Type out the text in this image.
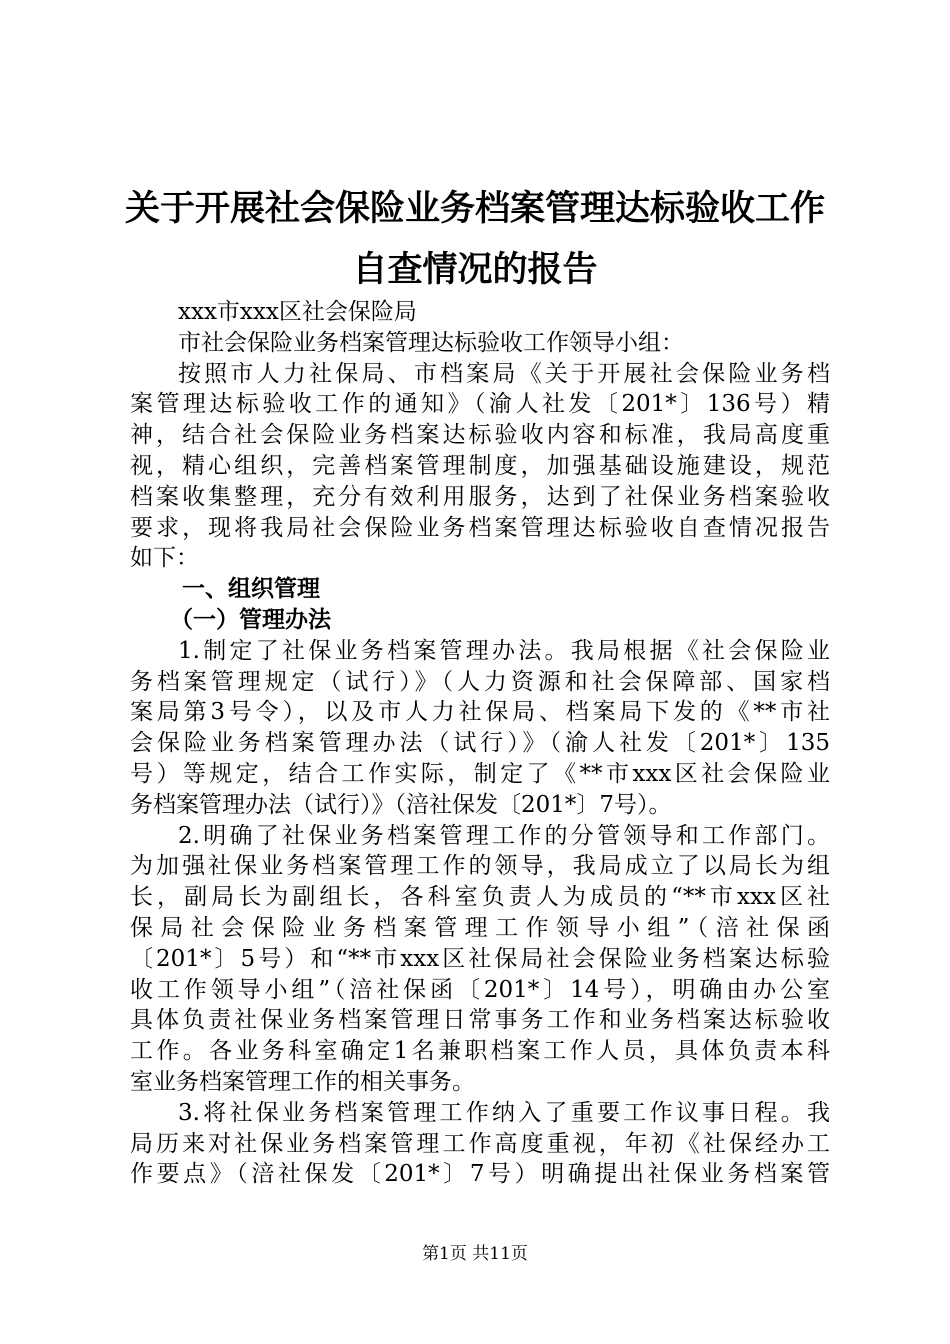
关于开展社会保险业务档案管理达标验收工作
自查情况的报告
xxx市xxx区社会保险局
市社会保险业务档案管理达标验收工作领导小组：
按照市人力社保局、市档案局《关于开展社会保险业务档
案管理达标验收工作的通知》（渝人社发〔201*〕136号）精
神，结合社会保险业务档案达标验收内容和标准，我局高度重
视，精心组织，完善档案管理制度，加强基础设施建设，规范
档案收集整理，充分有效利用服务，达到了社保业务档案验收
要求，现将我局社会保险业务档案管理达标验收自查情况报告
如下：
一、组织管理
（一）管理办法
1.制定了社保业务档案管理办法。我局根据《社会保险业
务档案管理规定（试行）》（人力资源和社会保障部、国家档
案局第3号令），以及市人力社保局、档案局下发的《**市社
会保险业务档案管理办法（试行）》（渝人社发〔201*〕135
号）等规定，结合工作实际，制定了《**市xxx区社会保险业
务档案管理办法（试行）》（涪社保发〔201*〕7号）。
2.明确了社保业务档案管理工作的分管领导和工作部门。
为加强社保业务档案管理工作的领导，我局成立了以局长为组
长，副局长为副组长，各科室负责人为成员的“**市xxx区社
保局社会保险业务档案管理工作领导小组”（涪社保函
〔201*〕5号）和“**市xxx区社保局社会保险业务档案达标验
收工作领导小组”（涪社保函〔201*〕14号），明确由办公室
具体负责社保业务档案管理日常事务工作和业务档案达标验收
工作。各业务科室确定1名兼职档案工作人员，具体负责本科
室业务档案管理工作的相关事务。
3.将社保业务档案管理工作纳入了重要工作议事日程。我
局历来对社保业务档案管理工作高度重视，年初《社保经办工
作要点》（涪社保发〔201*〕7号）明确提出社保业务档案管
第1页 共11页
